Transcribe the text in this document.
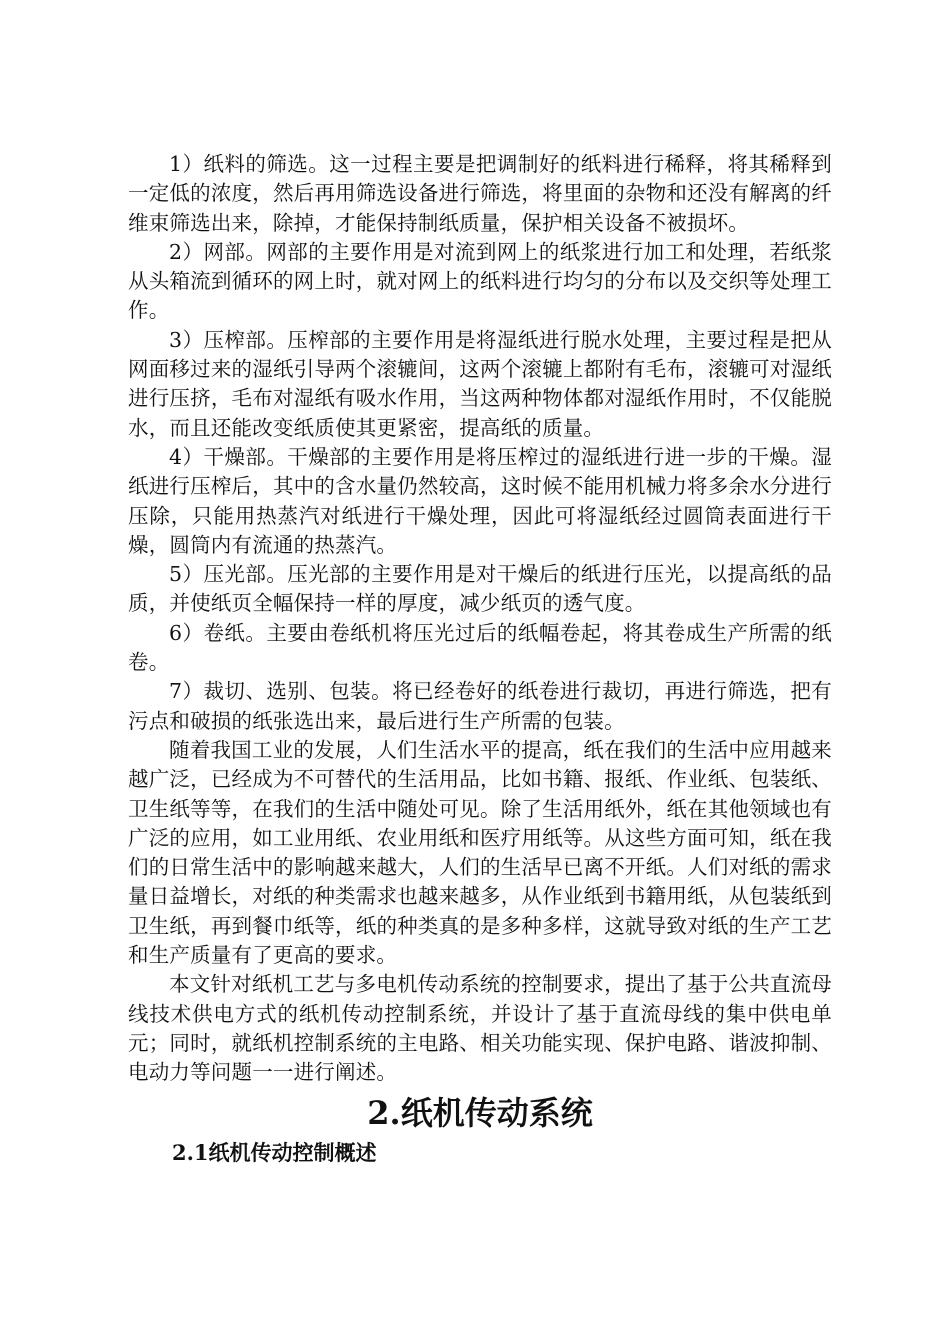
1）纸料的筛选。这一过程主要是把调制好的纸料进行稀释，将其稀释到一定低的浓度，然后再用筛选设备进行筛选，将里面的杂物和还没有解离的纤维束筛选出来，除掉，才能保持制纸质量，保护相关设备不被损坏。

2）网部。网部的主要作用是对流到网上的纸浆进行加工和处理，若纸浆从头箱流到循环的网上时，就对网上的纸料进行均匀的分布以及交织等处理工作。

3）压榨部。压榨部的主要作用是将湿纸进行脱水处理，主要过程是把从网面移过来的湿纸引导两个滚辘间，这两个滚辘上都附有毛布，滚辘可对湿纸进行压挤，毛布对湿纸有吸水作用，当这两种物体都对湿纸作用时，不仅能脱水，而且还能改变纸质使其更紧密，提高纸的质量。

4）干燥部。干燥部的主要作用是将压榨过的湿纸进行进一步的干燥。湿纸进行压榨后，其中的含水量仍然较高，这时候不能用机械力将多余水分进行压除，只能用热蒸汽对纸进行干燥处理，因此可将湿纸经过圆筒表面进行干燥，圆筒内有流通的热蒸汽。

5）压光部。压光部的主要作用是对干燥后的纸进行压光，以提高纸的品质，并使纸页全幅保持一样的厚度，减少纸页的透气度。

6）卷纸。主要由卷纸机将压光过后的纸幅卷起，将其卷成生产所需的纸卷。

7）裁切、选别、包装。将已经卷好的纸卷进行裁切，再进行筛选，把有污点和破损的纸张选出来，最后进行生产所需的包装。

随着我国工业的发展，人们生活水平的提高，纸在我们的生活中应用越来越广泛，已经成为不可替代的生活用品，比如书籍、报纸、作业纸、包装纸、卫生纸等等，在我们的生活中随处可见。除了生活用纸外，纸在其他领域也有广泛的应用，如工业用纸、农业用纸和医疗用纸等。从这些方面可知，纸在我们的日常生活中的影响越来越大，人们的生活早已离不开纸。人们对纸的需求量日益增长，对纸的种类需求也越来越多，从作业纸到书籍用纸，从包装纸到卫生纸，再到餐巾纸等，纸的种类真的是多种多样，这就导致对纸的生产工艺和生产质量有了更高的要求。

本文针对纸机工艺与多电机传动系统的控制要求，提出了基于公共直流母线技术供电方式的纸机传动控制系统，并设计了基于直流母线的集中供电单元；同时，就纸机控制系统的主电路、相关功能实现、保护电路、谐波抑制、电动力等问题一一进行阐述。

2.纸机传动系统
2.1纸机传动控制概述
